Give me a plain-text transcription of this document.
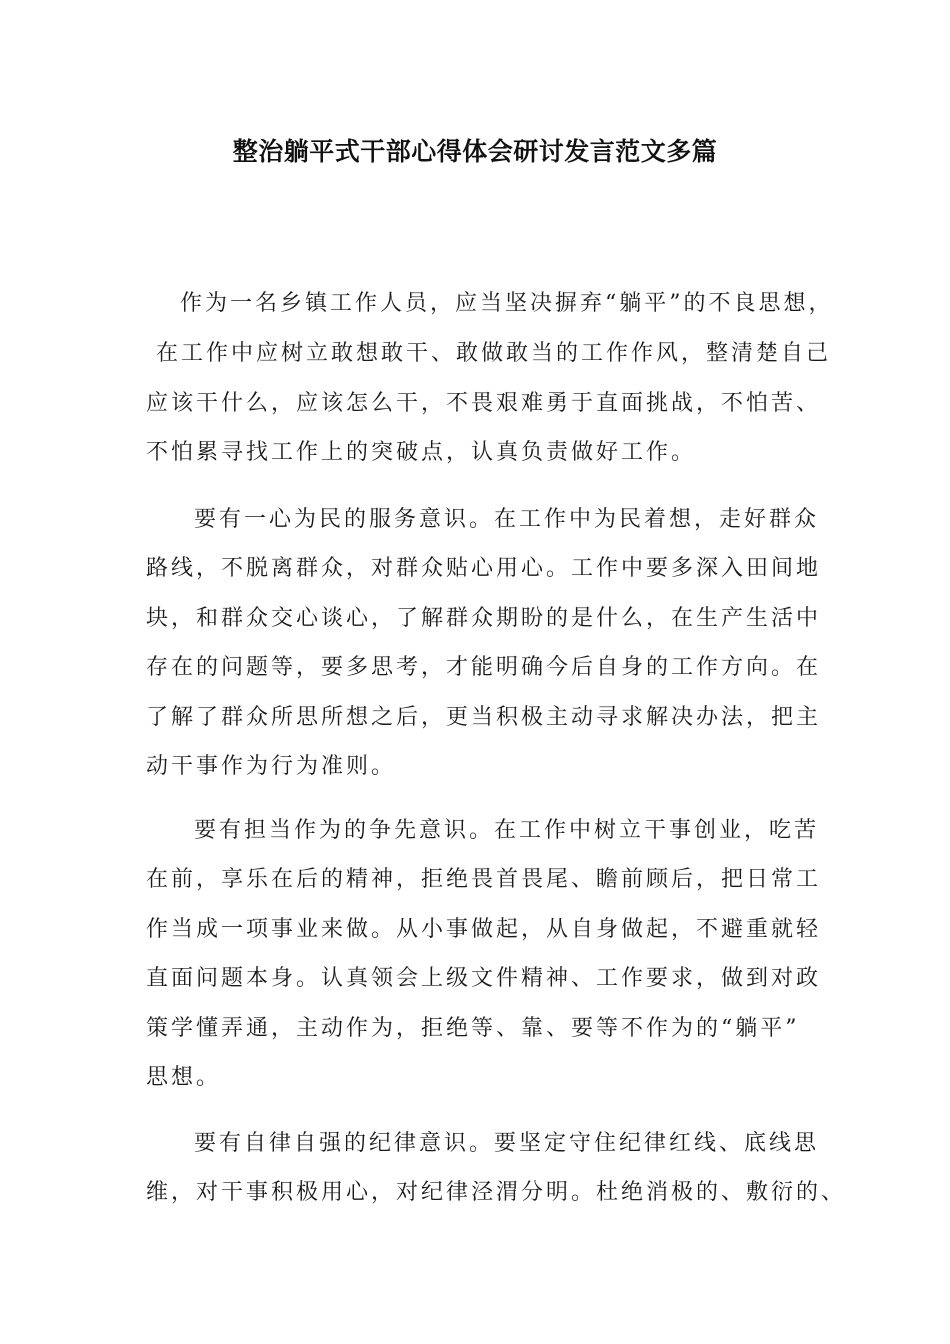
整治躺平式干部心得体会研讨发言范文多篇
作为一名乡镇工作人员，应当坚决摒弃“躺平”的不良思想，
在工作中应树立敢想敢干、敢做敢当的工作作风，整清楚自己
应该干什么，应该怎么干，不畏艰难勇于直面挑战，不怕苦、
不怕累寻找工作上的突破点，认真负责做好工作。
要有一心为民的服务意识。在工作中为民着想，走好群众
路线，不脱离群众，对群众贴心用心。工作中要多深入田间地
块，和群众交心谈心，了解群众期盼的是什么，在生产生活中
存在的问题等，要多思考，才能明确今后自身的工作方向。在
了解了群众所思所想之后，更当积极主动寻求解决办法，把主
动干事作为行为准则。
要有担当作为的争先意识。在工作中树立干事创业，吃苦
在前，享乐在后的精神，拒绝畏首畏尾、瞻前顾后，把日常工
作当成一项事业来做。从小事做起，从自身做起，不避重就轻
直面问题本身。认真领会上级文件精神、工作要求，做到对政
策学懂弄通，主动作为，拒绝等、靠、要等不作为的“躺平”
思想。
要有自律自强的纪律意识。要坚定守住纪律红线、底线思
维，对干事积极用心，对纪律泾渭分明。杜绝消极的、敷衍的、
